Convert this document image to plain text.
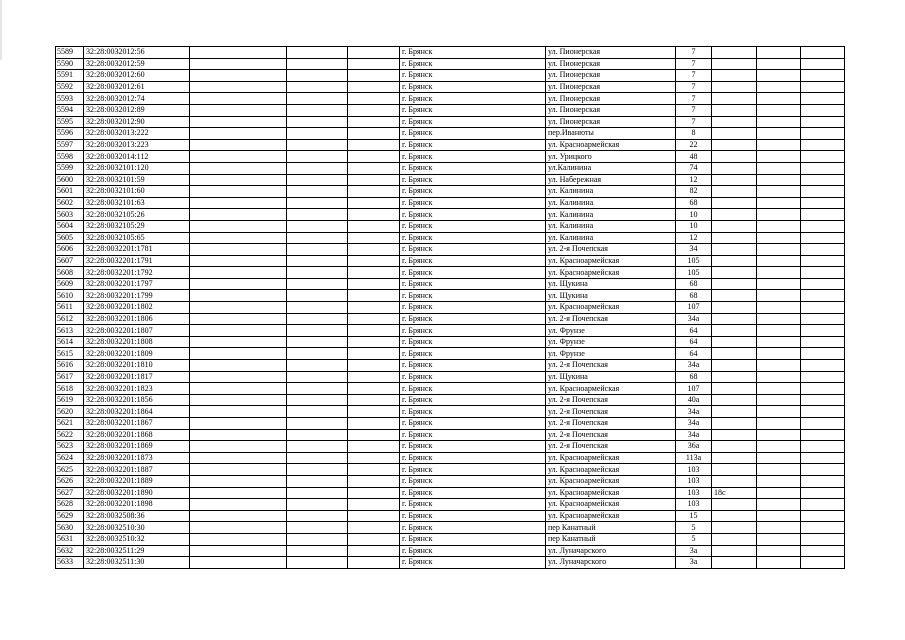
5589	32:28:0032012:56				г. Брянск	ул. Пионерская	7			
5590	32:28:0032012:59				г. Брянск	ул. Пионерская	7			
5591	32:28:0032012:60				г. Брянск	ул. Пионерская	7			
5592	32:28:0032012:61				г. Брянск	ул. Пионерская	7			
5593	32:28:0032012:74				г. Брянск	ул. Пионерская	7			
5594	32:28:0032012:89				г. Брянск	ул. Пионерская	7			
5595	32:28:0032012:90				г. Брянск	ул. Пионерская	7			
5596	32:28:0032013:222				г. Брянск	пер.Иванюты	8			
5597	32:28:0032013:223				г. Брянск	ул. Красноармейская	22			
5598	32:28:0032014:112				г. Брянск	ул. Урицкого	48			
5599	32:28:0032101:120				г. Брянск	ул.Калинина	74			
5600	32:28:0032101:59				г. Брянск	ул. Набережная	12			
5601	32:28:0032101:60				г. Брянск	ул. Калинина	82			
5602	32:28:0032101:63				г. Брянск	ул. Калинина	68			
5603	32:28:0032105:26				г. Брянск	ул. Калинина	10			
5604	32:28:0032105:29				г. Брянск	ул. Калинина	10			
5605	32:28:0032105:65				г. Брянск	ул. Калинина	12			
5606	32:28:0032201:1781				г. Брянск	ул. 2-я Почепская	34			
5607	32:28:0032201:1791				г. Брянск	ул. Красноармейская	105			
5608	32:28:0032201:1792				г. Брянск	ул. Красноармейская	105			
5609	32:28:0032201:1797				г. Брянск	ул. Щукина	68			
5610	32:28:0032201:1799				г. Брянск	ул. Щукина	68			
5611	32:28:0032201:1802				г. Брянск	ул. Красноармейская	107			
5612	32:28:0032201:1806				г. Брянск	ул. 2-я Почепская	34а			
5613	32:28:0032201:1807				г. Брянск	ул. Фрунзе	64			
5614	32:28:0032201:1808				г. Брянск	ул. Фрунзе	64			
5615	32:28:0032201:1809				г. Брянск	ул. Фрунзе	64			
5616	32:28:0032201:1810				г. Брянск	ул. 2-я Почепская	34а			
5617	32:28:0032201:1817				г. Брянск	ул. Щукина	68			
5618	32:28:0032201:1823				г. Брянск	ул. Красноармейская	107			
5619	32:28:0032201:1856				г. Брянск	ул. 2-я Почепская	40а			
5620	32:28:0032201:1864				г. Брянск	ул. 2-я Почепская	34а			
5621	32:28:0032201:1867				г. Брянск	ул. 2-я Почепская	34а			
5622	32:28:0032201:1868				г. Брянск	ул. 2-я Почепская	34а			
5623	32:28:0032201:1869				г. Брянск	ул. 2-я Почепская	36а			
5624	32:28:0032201:1873				г. Брянск	ул. Красноармейская	113а			
5625	32:28:0032201:1887				г. Брянск	ул. Красноармейская	103			
5626	32:28:0032201:1889				г. Брянск	ул. Красноармейская	103			
5627	32:28:0032201:1890				г. Брянск	ул. Красноармейская	103	18с		
5628	32:28:0032201:1898				г. Брянск	ул. Красноармейская	103			
5629	32:28:0032508:36				г. Брянск	ул. Красноармейская	15			
5630	32:28:0032510:30				г. Брянск	пер Канатный	5			
5631	32:28:0032510:32				г. Брянск	пер Канатный	5			
5632	32:28:0032511:29				г. Брянск	ул. Луначарского	3а			
5633	32:28:0032511:30				г. Брянск	ул. Луначарского	3а			
